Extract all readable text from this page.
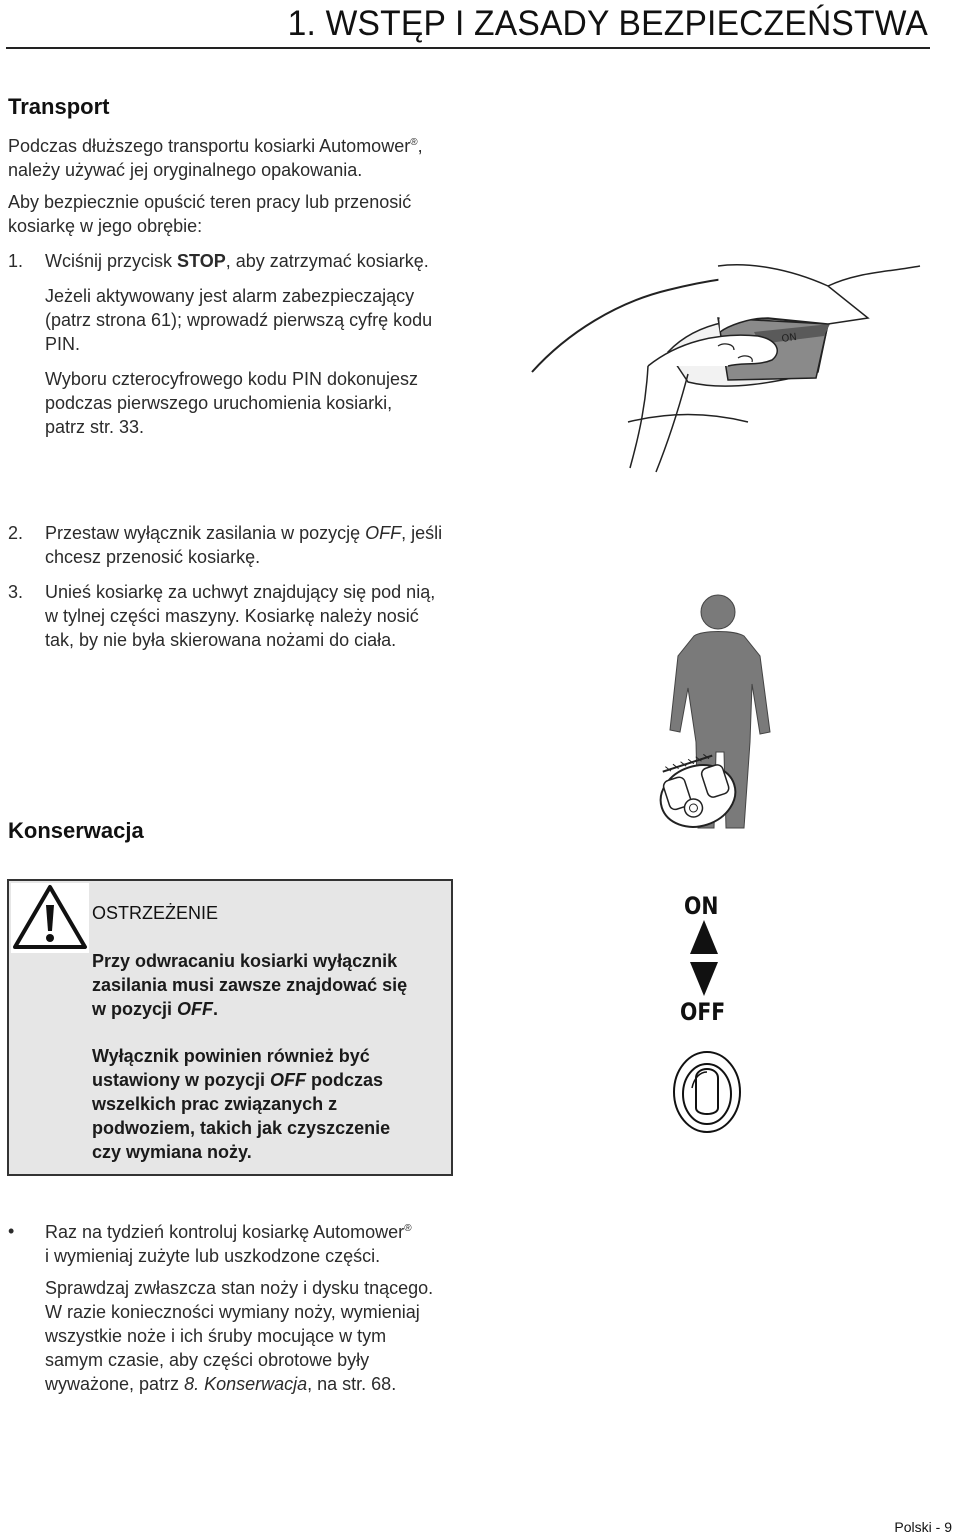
1. WSTĘP I ZASADY BEZPIECZEŃSTWA
Transport
Podczas dłuższego transportu kosiarki Automower®,
należy używać jej oryginalnego opakowania.
Aby bezpiecznie opuścić teren pracy lub przenosić
kosiarkę w jego obrębie:
1. Wciśnij przycisk STOP, aby zatrzymać kosiarkę.
Jeżeli aktywowany jest alarm zabezpieczający
(patrz strona 61); wprowadź pierwszą cyfrę kodu
PIN.
Wyboru czterocyfrowego kodu PIN dokonujesz
podczas pierwszego uruchomienia kosiarki,
patrz str. 33.
ON
2. Przestaw wyłącznik zasilania w pozycję OFF, jeśli
chcesz przenosić kosiarkę.
3. Unieś kosiarkę za uchwyt znajdujący się pod nią,
w tylnej części maszyny. Kosiarkę należy nosić
tak, by nie była skierowana nożami do ciała.
Konserwacja
OSTRZEŻENIE
Przy odwracaniu kosiarki wyłącznik
zasilania musi zawsze znajdować się
w pozycji OFF.
Wyłącznik powinien również być
ustawiony w pozycji OFF podczas
wszelkich prac związanych z
podwoziem, takich jak czyszczenie
czy wymiana noży.
ON
OFF
• Raz na tydzień kontroluj kosiarkę Automower®
i wymieniaj zużyte lub uszkodzone części.
Sprawdzaj zwłaszcza stan noży i dysku tnącego.
W razie konieczności wymiany noży, wymieniaj
wszystkie noże i ich śruby mocujące w tym
samym czasie, aby części obrotowe były
wyważone, patrz 8. Konserwacja, na str. 68.
Polski - 9
